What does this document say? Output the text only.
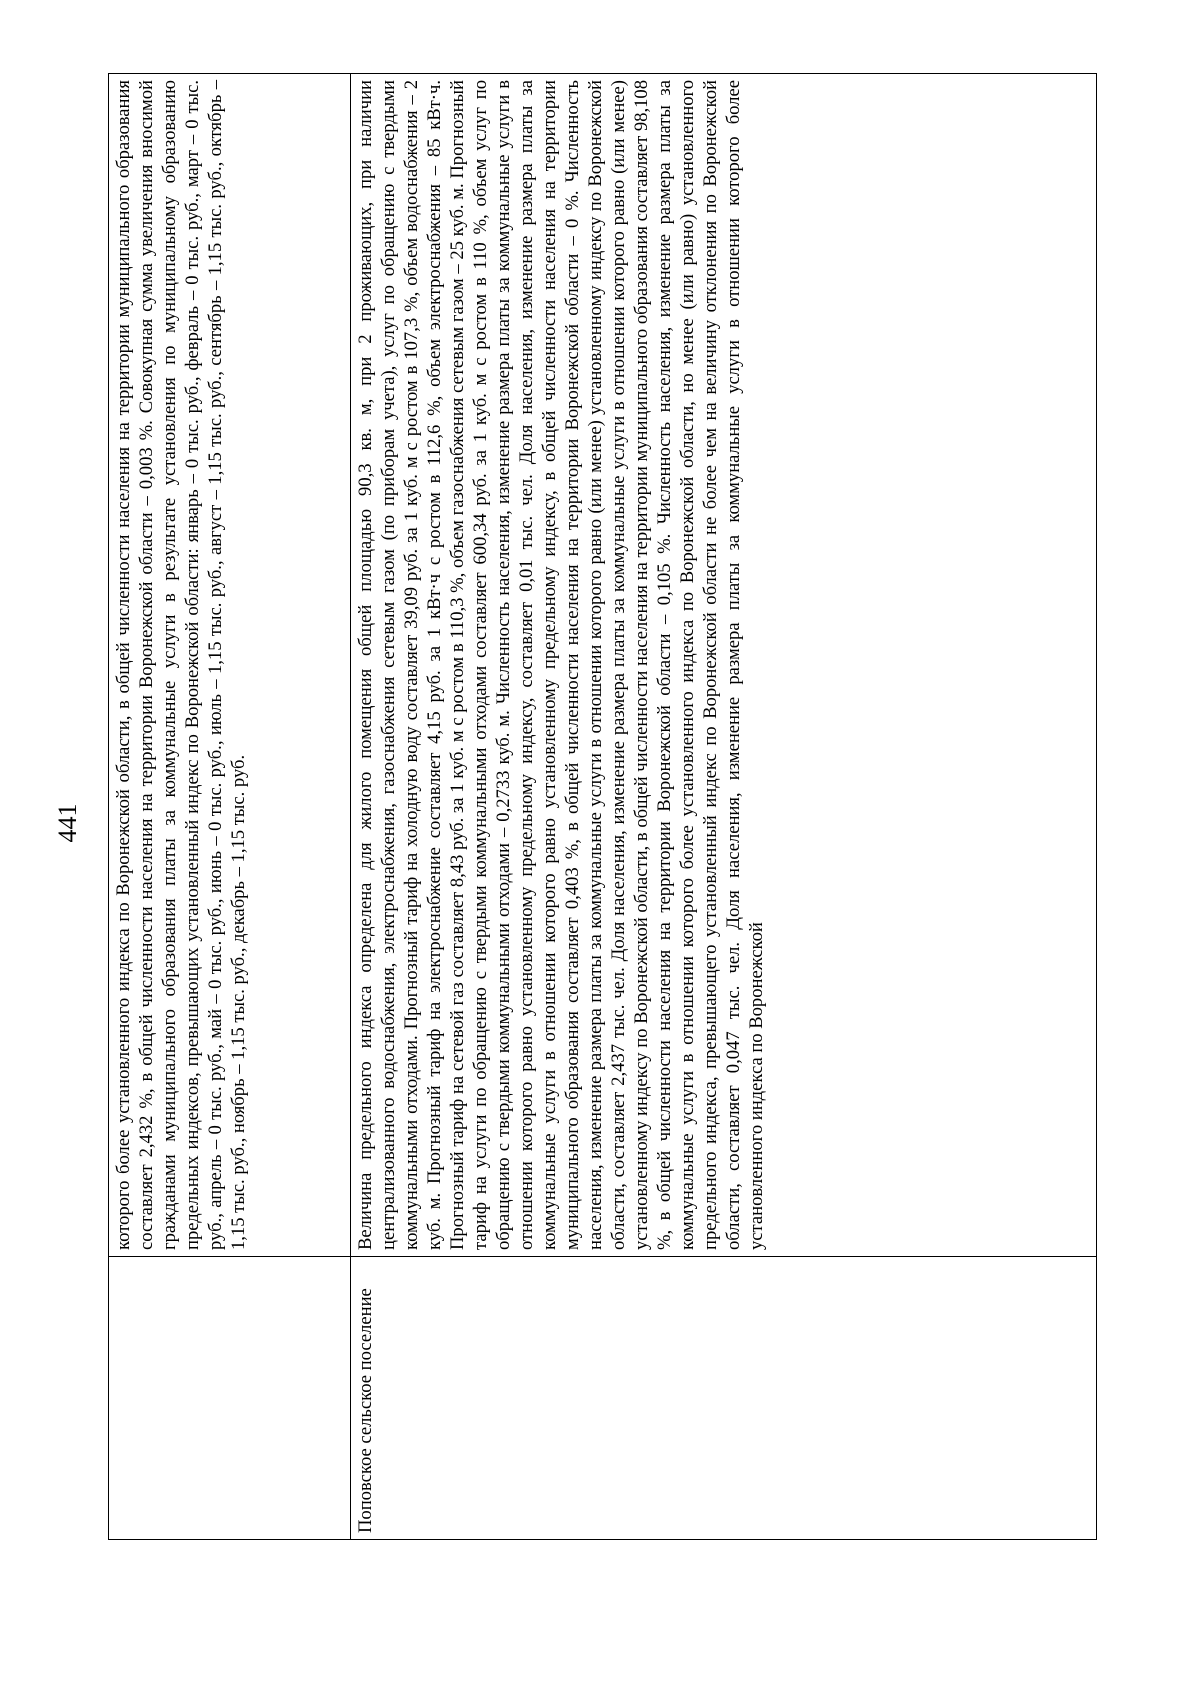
441
	которого более установленного индекса по Воронежской области, в общей численности населения на территории муниципального образования составляет 2,432 %, в общей численности населения на территории Воронежской области – 0,003 %. Совокупная сумма увеличения вносимой гражданами муниципального образования платы за коммунальные услуги в результате установления по муниципальному образованию предельных индексов, превышающих установленный индекс по Воронежской области: январь – 0 тыс. руб., февраль – 0 тыс. руб., март – 0 тыс. руб., апрель – 0 тыс. руб., май – 0 тыс. руб., июнь – 0 тыс. руб., июль – 1,15 тыс. руб., август – 1,15 тыс. руб., сентябрь – 1,15 тыс. руб., октябрь – 1,15 тыс. руб., ноябрь – 1,15 тыс. руб., декабрь – 1,15 тыс. руб.
Поповское сельское поселение	Величина предельного индекса определена для жилого помещения общей площадью 90,3 кв. м, при 2 проживающих, при наличии централизованного водоснабжения, электроснабжения, газоснабжения сетевым газом (по приборам учета), услуг по обращению с твердыми коммунальными отходами. Прогнозный тариф на холодную воду составляет 39,09 руб. за 1 куб. м с ростом в 107,3 %, объем водоснабжения – 2 куб. м. Прогнозный тариф на электроснабжение составляет 4,15 руб. за 1 кВт·ч с ростом в 112,6 %, объем электроснабжения – 85 кВт·ч. Прогнозный тариф на сетевой газ составляет 8,43 руб. за 1 куб. м с ростом в 110,3 %, объем газоснабжения сетевым газом – 25 куб. м. Прогнозный тариф на услуги по обращению с твердыми коммунальными отходами составляет 600,34 руб. за 1 куб. м с ростом в 110 %, объем услуг по обращению с твердыми коммунальными отходами – 0,2733 куб. м. Численность населения, изменение размера платы за коммунальные услуги в отношении которого равно установленному предельному индексу, составляет 0,01 тыс. чел. Доля населения, изменение размера платы за коммунальные услуги в отношении которого равно установленному предельному индексу, в общей численности населения на территории муниципального образования составляет 0,403 %, в общей численности населения на территории Воронежской области – 0 %. Численность населения, изменение размера платы за коммунальные услуги в отношении которого равно (или менее) установленному индексу по Воронежской области, составляет 2,437 тыс. чел. Доля населения, изменение размера платы за коммунальные услуги в отношении которого равно (или менее) установленному индексу по Воронежской области, в общей численности населения на территории муниципального образования составляет 98,108 %, в общей численности населения на территории Воронежской области – 0,105 %. Численность населения, изменение размера платы за коммунальные услуги в отношении которого более установленного индекса по Воронежской области, но менее (или равно) установленного предельного индекса, превышающего установленный индекс по Воронежской области не более чем на величину отклонения по Воронежской области, составляет 0,047 тыс. чел. Доля населения, изменение размера платы за коммунальные услуги в отношении которого более установленного индекса по Воронежской
